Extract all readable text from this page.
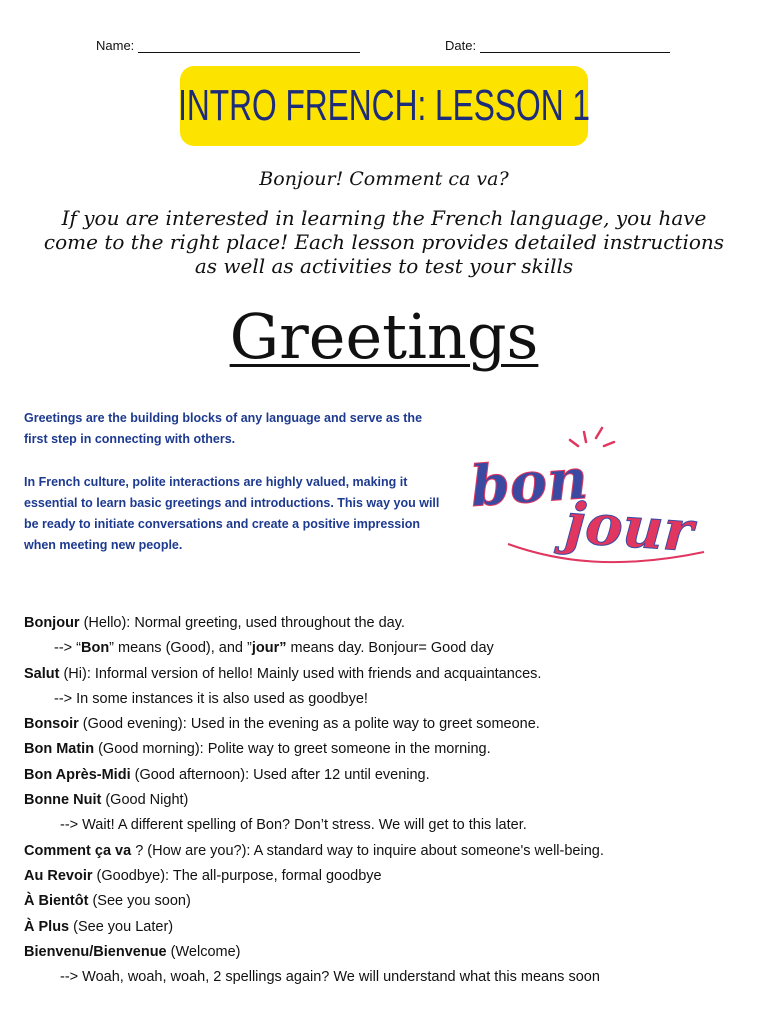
Name:	Date:
INTRO FRENCH: LESSON 1
Bonjour! Comment ca va?
If you are interested in learning the French language, you have come to the right place! Each lesson provides detailed instructions as well as activities to test your skills
Greetings
Greetings are the building blocks of any language and serve as the first step in connecting with others.
In French culture, polite interactions are highly valued, making it essential to learn basic greetings and introductions. This way you will be ready to initiate conversations and create a positive impression when meeting new people.
bon
jour
Bonjour (Hello): Normal greeting, used throughout the day.
--> “Bon” means (Good), and ”jour” means day. Bonjour= Good day
Salut (Hi): Informal version of hello! Mainly used with friends and acquaintances.
--> In some instances it is also used as goodbye!
Bonsoir (Good evening): Used in the evening as a polite way to greet someone.
Bon Matin (Good morning): Polite way to greet someone in the morning.
Bon Après-Midi (Good afternoon): Used after 12 until evening.
Bonne Nuit (Good Night)
--> Wait! A different spelling of Bon? Don’t stress. We will get to this later.
Comment ça va ? (How are you?): A standard way to inquire about someone's well-being.
Au Revoir (Goodbye): The all-purpose, formal goodbye
À Bientôt (See you soon)
À Plus (See you Later)
Bienvenu/Bienvenue (Welcome)
--> Woah, woah, woah, 2 spellings again? We will understand what this means soon
